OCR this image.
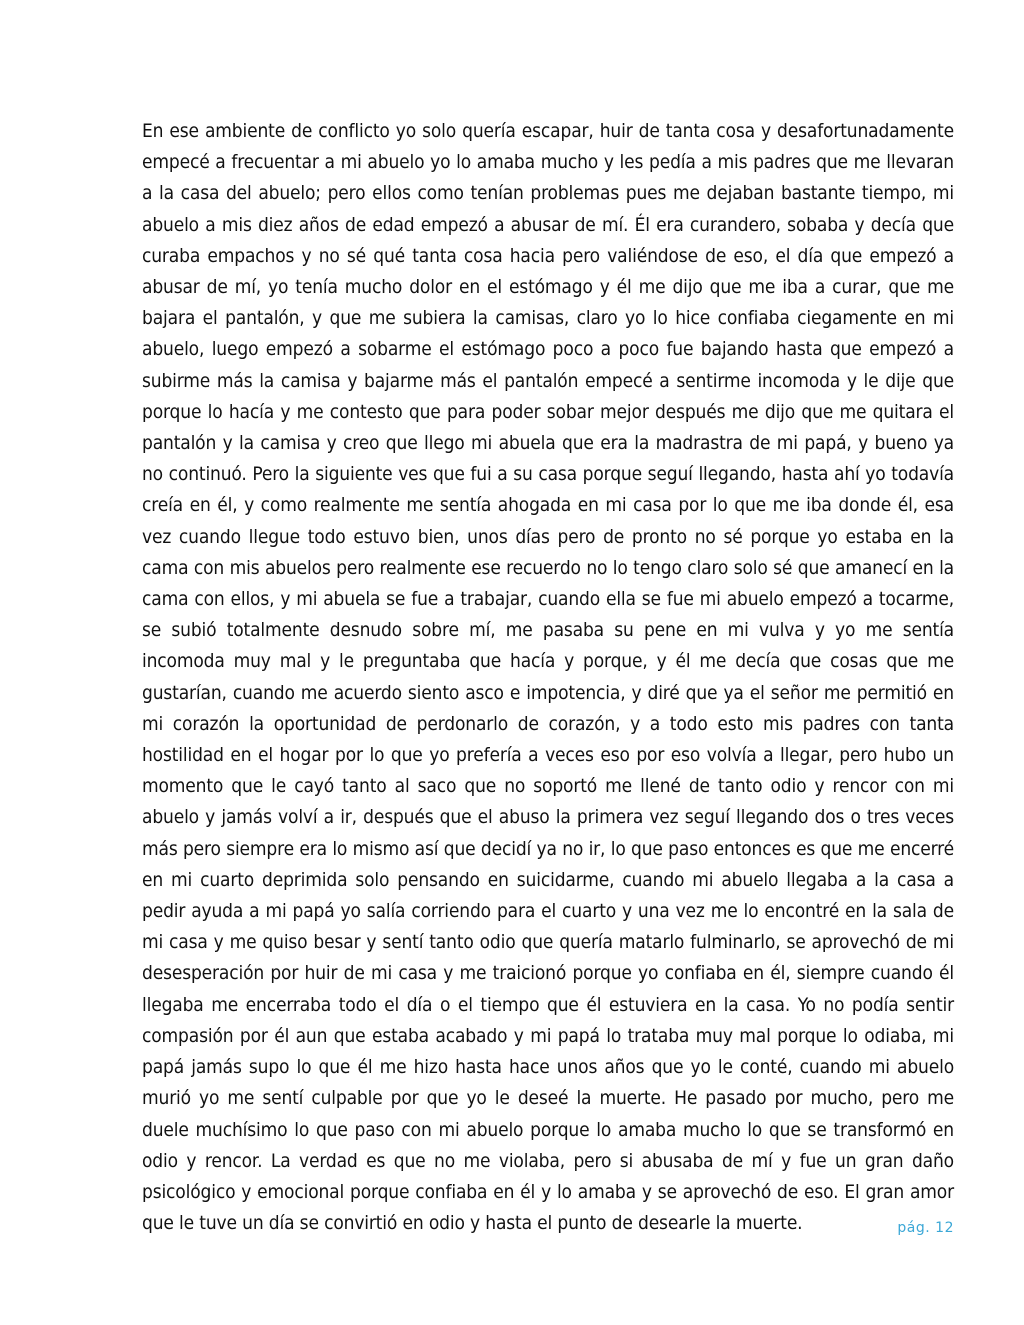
En ese ambiente de conflicto yo solo quería escapar, huir de tanta cosa y desafortunadamente empecé a frecuentar a mi abuelo yo lo amaba mucho y les pedía a mis padres que me llevaran a la casa del abuelo; pero ellos como tenían problemas pues me dejaban bastante tiempo, mi abuelo a mis diez años de edad empezó a abusar de mí. Él era curandero, sobaba y decía que curaba empachos y no sé qué tanta cosa hacia pero valiéndose de eso, el día que empezó a abusar de mí, yo tenía mucho dolor en el estómago y él me dijo que me iba a curar, que me bajara el pantalón, y que me subiera la camisas, claro yo lo hice confiaba ciegamente en mi abuelo, luego empezó a sobarme el estómago poco a poco fue bajando hasta que empezó a subirme más la camisa y bajarme más el pantalón empecé a sentirme incomoda y le dije que porque lo hacía y me contesto que para poder sobar mejor después me dijo que me quitara el pantalón y la camisa y creo que llego mi abuela que era la madrastra de mi papá, y bueno ya no continuó. Pero la siguiente ves que fui a su casa porque seguí llegando, hasta ahí yo todavía creía en él, y como realmente me sentía ahogada en mi casa por lo que me iba donde él, esa vez cuando llegue todo estuvo bien, unos días pero de pronto no sé porque yo estaba en la cama con mis abuelos pero realmente ese recuerdo no lo tengo claro solo sé que amanecí en la cama con ellos, y mi abuela se fue a trabajar, cuando ella se fue mi abuelo empezó a tocarme, se subió totalmente desnudo sobre mí, me pasaba su pene en mi vulva y yo me sentía incomoda muy mal y le preguntaba que hacía y porque, y él me decía que cosas que me gustarían, cuando me acuerdo siento asco e impotencia, y diré que ya el señor me permitió en mi corazón la oportunidad de perdonarlo de corazón, y a todo esto mis padres con tanta hostilidad en el hogar por lo que yo prefería a veces eso por eso volvía a llegar, pero hubo un momento que le cayó tanto al saco que no soportó me llené de tanto odio y rencor con mi abuelo y jamás volví a ir, después que el abuso la primera vez seguí llegando dos o tres veces más pero siempre era lo mismo así que decidí ya no ir, lo que paso entonces es que me encerré en mi cuarto deprimida solo pensando en suicidarme, cuando mi abuelo llegaba a la casa a pedir ayuda a mi papá yo salía corriendo para el cuarto y una vez me lo encontré en la sala de mi casa y me quiso besar y sentí tanto odio que quería matarlo fulminarlo, se aprovechó de mi desesperación por huir de mi casa y me traicionó porque yo confiaba en él, siempre cuando él llegaba me encerraba todo el día o el tiempo que él estuviera en la casa. Yo no podía sentir compasión por él aun que estaba acabado y mi papá lo trataba muy mal porque lo odiaba, mi papá jamás supo lo que él me hizo hasta hace unos años que yo le conté, cuando mi abuelo murió yo me sentí culpable por que yo le deseé la muerte. He pasado por mucho, pero me duele muchísimo lo que paso con mi abuelo porque lo amaba mucho lo que se transformó en odio y rencor. La verdad es que no me violaba, pero si abusaba de mí y fue un gran daño psicológico y emocional porque confiaba en él y lo amaba y se aprovechó de eso. El gran amor que le tuve un día se convirtió en odio y hasta el punto de desearle la muerte.	pág. 12
